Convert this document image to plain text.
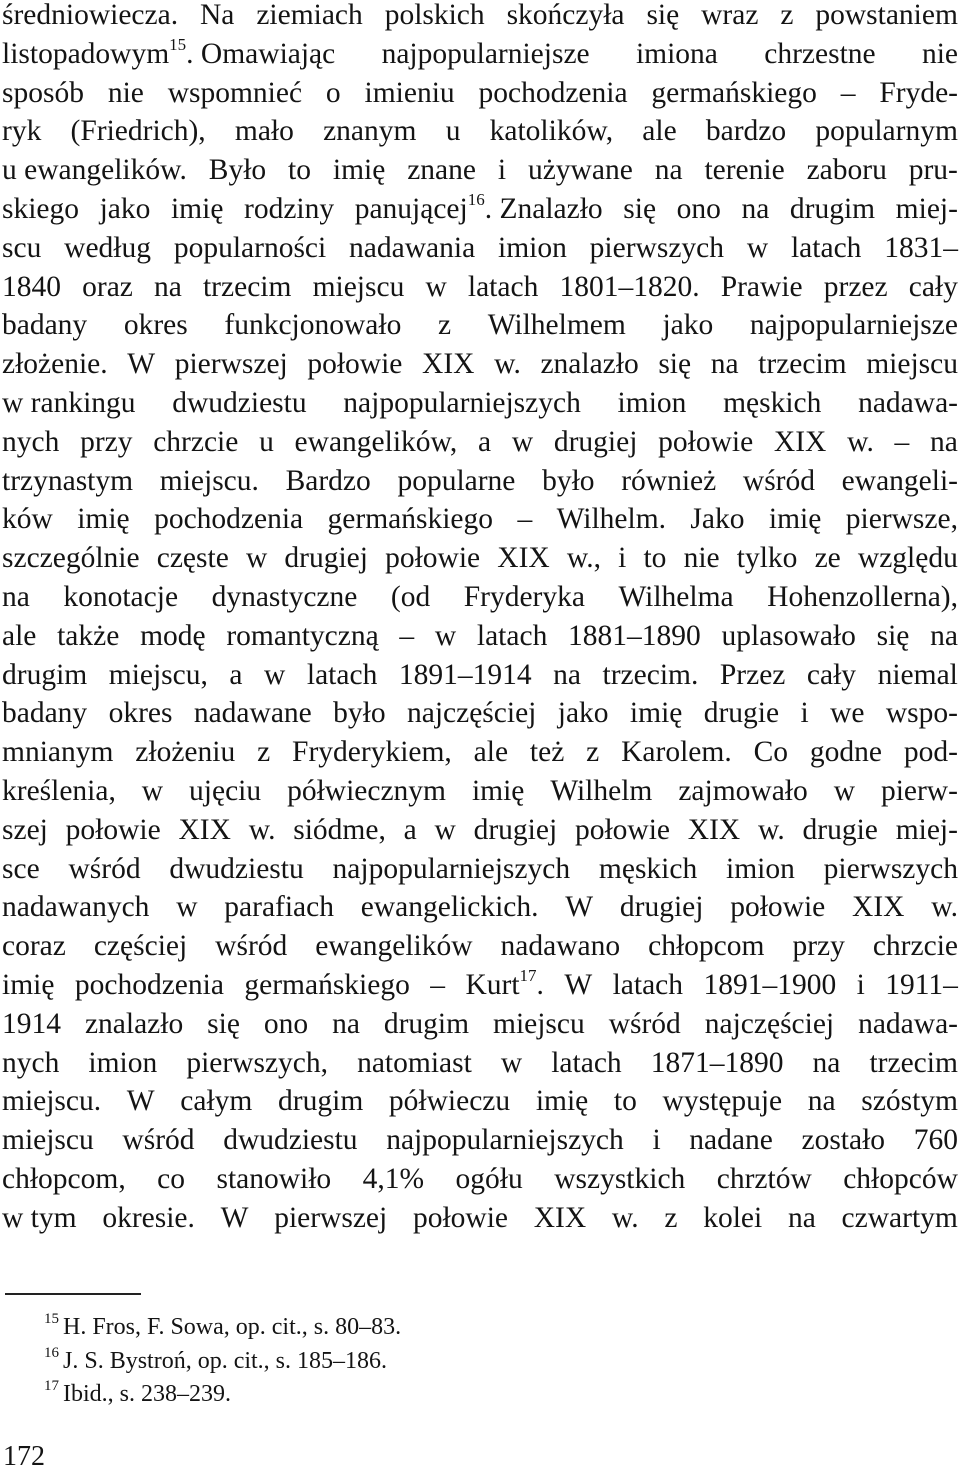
średniowiecza. Na ziemiach polskich skończyła się wraz z powstaniem
listopadowym$^{15}$. Omawiając najpopularniejsze imiona chrzestne nie
sposób nie wspomnieć o imieniu pochodzenia germańskiego – Fryde-
ryk (Friedrich), mało znanym u katolików, ale bardzo popularnym
u ewangelików. Było to imię znane i używane na terenie zaboru pru-
skiego jako imię rodziny panującej$^{16}$. Znalazło się ono na drugim miej-
scu według popularności nadawania imion pierwszych w latach 1831–
1840 oraz na trzecim miejscu w latach 1801–1820. Prawie przez cały
badany okres funkcjonowało z Wilhelmem jako najpopularniejsze
złożenie. W pierwszej połowie XIX w. znalazło się na trzecim miejscu
w rankingu dwudziestu najpopularniejszych imion męskich nadawa-
nych przy chrzcie u ewangelików, a w drugiej połowie XIX w. – na
trzynastym miejscu. Bardzo popularne było również wśród ewangeli-
ków imię pochodzenia germańskiego – Wilhelm. Jako imię pierwsze,
szczególnie częste w drugiej połowie XIX w., i to nie tylko ze względu
na konotacje dynastyczne (od Fryderyka Wilhelma Hohenzollerna),
ale także modę romantyczną – w latach 1881–1890 uplasowało się na
drugim miejscu, a w latach 1891–1914 na trzecim. Przez cały niemal
badany okres nadawane było najczęściej jako imię drugie i we wspo-
mnianym złożeniu z Fryderykiem, ale też z Karolem. Co godne pod-
kreślenia, w ujęciu półwiecznym imię Wilhelm zajmowało w pierw-
szej połowie XIX w. siódme, a w drugiej połowie XIX w. drugie miej-
sce wśród dwudziestu najpopularniejszych męskich imion pierwszych
nadawanych w parafiach ewangelickich. W drugiej połowie XIX w.
coraz częściej wśród ewangelików nadawano chłopcom przy chrzcie
imię pochodzenia germańskiego – Kurt$^{17}$. W latach 1891–1900 i 1911–
1914 znalazło się ono na drugim miejscu wśród najczęściej nadawa-
nych imion pierwszych, natomiast w latach 1871–1890 na trzecim
miejscu. W całym drugim półwieczu imię to występuje na szóstym
miejscu wśród dwudziestu najpopularniejszych i nadane zostało 760
chłopcom, co stanowiło 4,1% ogółu wszystkich chrztów chłopców
w tym okresie. W pierwszej połowie XIX w. z kolei na czwartym
$^{15}$ H. Fros, F. Sowa, op. cit., s. 80–83.
$^{16}$ J. S. Bystroń, op. cit., s. 185–186.
$^{17}$ Ibid., s. 238–239.
172
